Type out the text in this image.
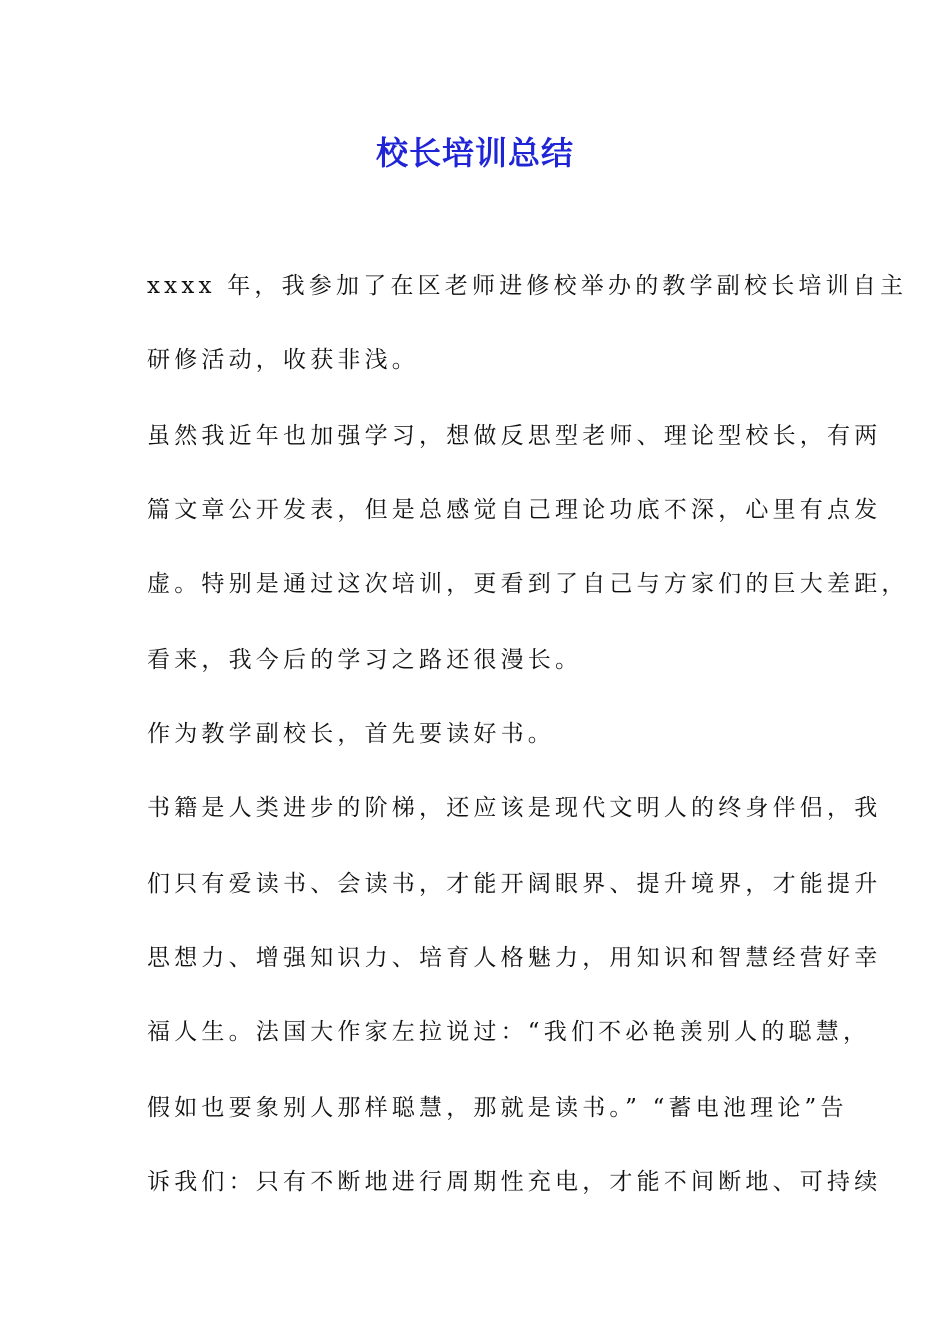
校长培训总结
xxxx 年，我参加了在区老师进修校举办的教学副校长培训自主
研修活动，收获非浅。
虽然我近年也加强学习，想做反思型老师、理论型校长，有两
篇文章公开发表，但是总感觉自己理论功底不深，心里有点发
虚。特别是通过这次培训，更看到了自己与方家们的巨大差距，
看来，我今后的学习之路还很漫长。
作为教学副校长，首先要读好书。
书籍是人类进步的阶梯，还应该是现代文明人的终身伴侣，我
们只有爱读书、会读书，才能开阔眼界、提升境界，才能提升
思想力、增强知识力、培育人格魅力，用知识和智慧经营好幸
福人生。法国大作家左拉说过：“我们不必艳羡别人的聪慧，
假如也要象别人那样聪慧，那就是读书。” “蓄电池理论”告
诉我们：只有不断地进行周期性充电，才能不间断地、可持续
